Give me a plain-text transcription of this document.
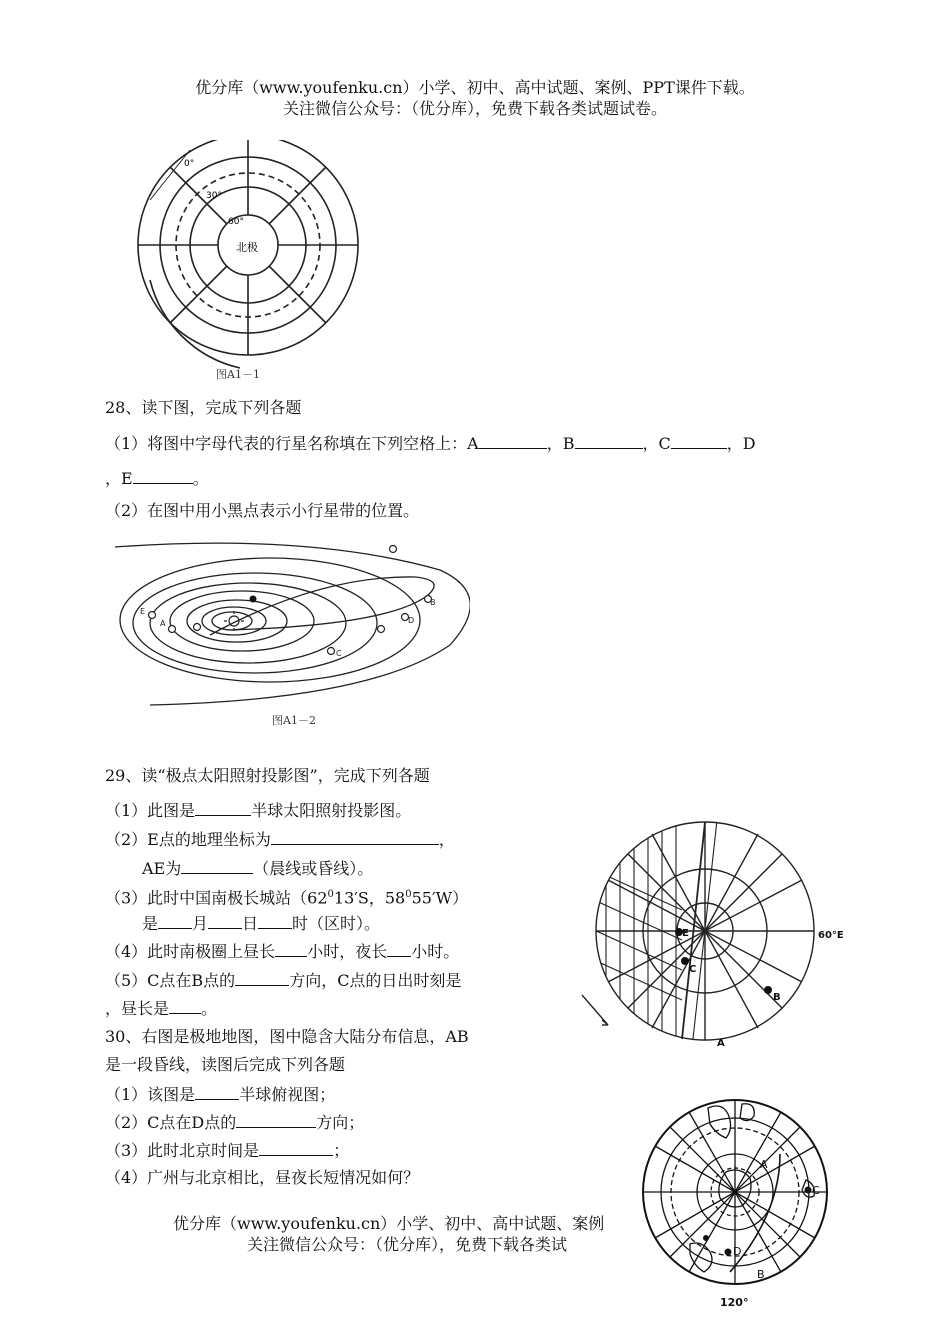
优分库（www.youfenku.cn）小学、初中、高中试题、案例、PPT课件下载。
关注微信公众号：（优分库），免费下载各类试题试卷。
0°
30°
60°
北极
图A1－1
28、读下图，完成下列各题
（1）将图中字母代表的行星名称填在下列空格上：A	，B	，C	，D
，E	。
（2）在图中用小黑点表示小行星带的位置。
B
D
C
E
A
图A1－2
29、读“极点太阳照射投影图”，完成下列各题
（1）此图是	半球太阳照射投影图。
（2）E点的地理坐标为	，
AE为	（晨线或昏线）。
（3）此时中国南极长城站（$62^013'S$，$58^055'W$）
是 月 日 时（区时）。
（4）此时南极圈上昼长 小时，夜长 小时。
（5）C点在B点的	方向，C点的日出时刻是
，昼长是 。
E
C
B
A
60°E
30、右图是极地地图，图中隐含大陆分布信息，AB
是一段昏线，读图后完成下列各题
（1）该图是	半球俯视图；
（2）C点在D点的	方向；
（3）此时北京时间是	；
（4）广州与北京相比，昼夜长短情况如何？
优分库（www.youfenku.cn）小学、初中、高中试题、案例
关注微信公众号：（优分库），免费下载各类试
A
B
C
D
120°
